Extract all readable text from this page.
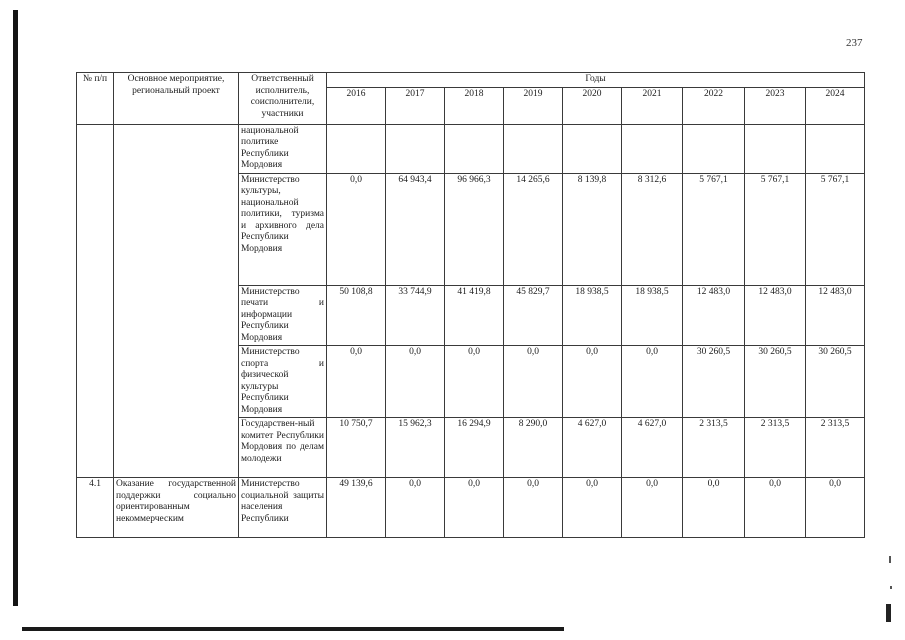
237
№ п/п	Основное мероприятие, региональный проект	Ответственный исполнитель, соисполнители, участники	Годы								
			2016	2017	2018	2019	2020	2021	2022	2023	2024
		национальной политике Республики Мордовия									
		Министерство культуры, национальной политики, туризма и архивного дела Республики Мордовия	0,0	64 943,4	96 966,3	14 265,6	8 139,8	8 312,6	5 767,1	5 767,1	5 767,1
		Министерство печати и информации Республики Мордовия	50 108,8	33 744,9	41 419,8	45 829,7	18 938,5	18 938,5	12 483,0	12 483,0	12 483,0
		Министерство спорта и физической культуры Республики Мордовия	0,0	0,0	0,0	0,0	0,0	0,0	30 260,5	30 260,5	30 260,5
		Государствен-ный комитет Республики Мордовия по делам молодежи	10 750,7	15 962,3	16 294,9	8 290,0	4 627,0	4 627,0	2 313,5	2 313,5	2 313,5
4.1	Оказание государственной поддержки социально ориентированным некоммерческим	Министерство социальной защиты населения Республики	49 139,6	0,0	0,0	0,0	0,0	0,0	0,0	0,0	0,0
